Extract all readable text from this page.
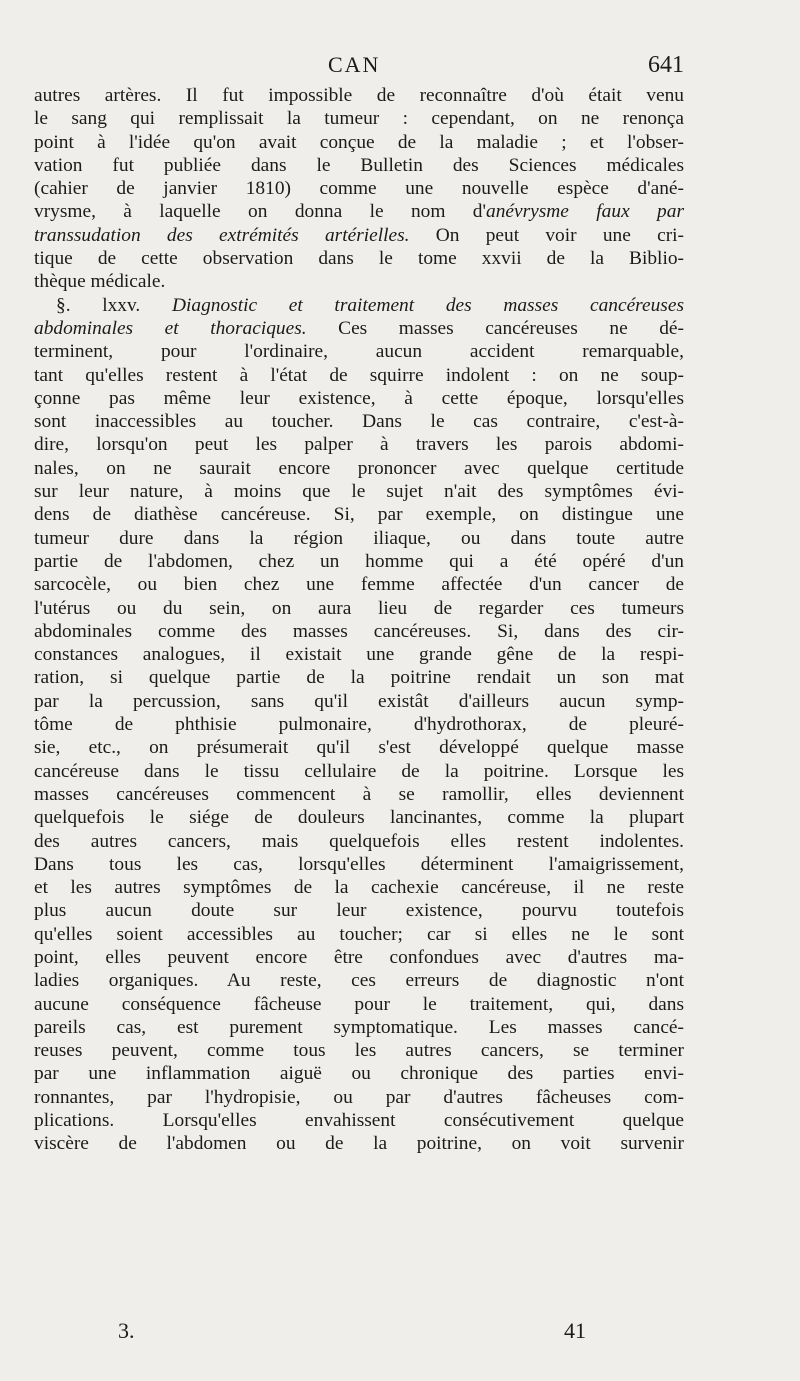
CAN	641
autres artères. Il fut impossible de reconnaître d'où était venu
le sang qui remplissait la tumeur : cependant, on ne renonça
point à l'idée qu'on avait conçue de la maladie ; et l'obser-
vation fut publiée dans le Bulletin des Sciences médicales
(cahier de janvier 1810) comme une nouvelle espèce d'ané-
vrysme, à laquelle on donna le nom d'anévrysme faux par
transsudation des extrémités artérielles. On peut voir une cri-
tique de cette observation dans le tome xxvii de la Biblio-
thèque médicale.
§. lxxv. Diagnostic et traitement des masses cancéreuses
abdominales et thoraciques. Ces masses cancéreuses ne dé-
terminent, pour l'ordinaire, aucun accident remarquable,
tant qu'elles restent à l'état de squirre indolent : on ne soup-
çonne pas même leur existence, à cette époque, lorsqu'elles
sont inaccessibles au toucher. Dans le cas contraire, c'est-à-
dire, lorsqu'on peut les palper à travers les parois abdomi-
nales, on ne saurait encore prononcer avec quelque certitude
sur leur nature, à moins que le sujet n'ait des symptômes évi-
dens de diathèse cancéreuse. Si, par exemple, on distingue une
tumeur dure dans la région iliaque, ou dans toute autre
partie de l'abdomen, chez un homme qui a été opéré d'un
sarcocèle, ou bien chez une femme affectée d'un cancer de
l'utérus ou du sein, on aura lieu de regarder ces tumeurs
abdominales comme des masses cancéreuses. Si, dans des cir-
constances analogues, il existait une grande gêne de la respi-
ration, si quelque partie de la poitrine rendait un son mat
par la percussion, sans qu'il existât d'ailleurs aucun symp-
tôme de phthisie pulmonaire, d'hydrothorax, de pleuré-
sie, etc., on présumerait qu'il s'est développé quelque masse
cancéreuse dans le tissu cellulaire de la poitrine. Lorsque les
masses cancéreuses commencent à se ramollir, elles deviennent
quelquefois le siége de douleurs lancinantes, comme la plupart
des autres cancers, mais quelquefois elles restent indolentes.
Dans tous les cas, lorsqu'elles déterminent l'amaigrissement,
et les autres symptômes de la cachexie cancéreuse, il ne reste
plus aucun doute sur leur existence, pourvu toutefois
qu'elles soient accessibles au toucher; car si elles ne le sont
point, elles peuvent encore être confondues avec d'autres ma-
ladies organiques. Au reste, ces erreurs de diagnostic n'ont
aucune conséquence fâcheuse pour le traitement, qui, dans
pareils cas, est purement symptomatique. Les masses cancé-
reuses peuvent, comme tous les autres cancers, se terminer
par une inflammation aiguë ou chronique des parties envi-
ronnantes, par l'hydropisie, ou par d'autres fâcheuses com-
plications. Lorsqu'elles envahissent consécutivement quelque
viscère de l'abdomen ou de la poitrine, on voit survenir
3.	41
